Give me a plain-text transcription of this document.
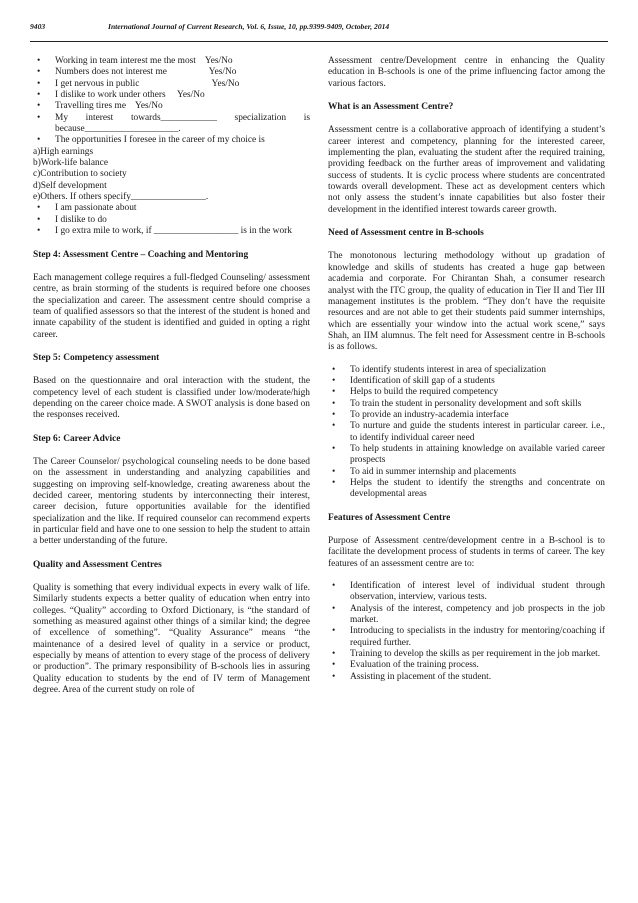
9403	International Journal of Current Research, Vol. 6, Issue, 10, pp.9399-9409, October, 2014
• Working in team interest me the most    Yes/No
• Numbers does not interest me                  Yes/No
• I get nervous in public                               Yes/No
• I dislike to work under others     Yes/No
• Travelling tires me    Yes/No
• My interest towards____________ specialization is because____________________.
• The opportunities I foresee in the career of my choice is
a)High earnings
b)Work-life balance
c)Contribution to society
d)Self development
e)Others. If others specify________________.
• I am passionate about
• I dislike to do
• I go extra mile to work, if __________________ is in the work

Step 4: Assessment Centre – Coaching and Mentoring

Each management college requires a full-fledged Counseling/ assessment centre, as brain storming of the students is required before one chooses the specialization and career. The assessment centre should comprise a team of qualified assessors so that the interest of the student is honed and innate capability of the student is identified and guided in opting a right career.

Step 5: Competency assessment

Based on the questionnaire and oral interaction with the student, the competency level of each student is classified under low/moderate/high depending on the career choice made. A SWOT analysis is done based on the responses received.

Step 6: Career Advice

The Career Counselor/ psychological counseling needs to be done based on the assessment in understanding and analyzing capabilities and suggesting on improving self-knowledge, creating awareness about the decided career, mentoring students by interconnecting their interest, career decision, future opportunities available for the identified specialization and the like. If required counselor can recommend experts in particular field and have one to one session to help the student to attain a better understanding of the future.

Quality and Assessment Centres

Quality is something that every individual expects in every walk of life. Similarly students expects a better quality of education when entry into colleges. “Quality” according to Oxford Dictionary, is “the standard of something as measured against other things of a similar kind; the degree of excellence of something”. “Quality Assurance” means “the maintenance of a desired level of quality in a service or product, especially by means of attention to every stage of the process of delivery or production”. The primary responsibility of B-schools lies in assuring Quality education to students by the end of IV term of Management degree. Area of the current study on role of

Assessment centre/Development centre in enhancing the Quality education in B-schools is one of the prime influencing factor among the various factors.

What is an Assessment Centre?

Assessment centre is a collaborative approach of identifying a student’s career interest and competency, planning for the interested career, implementing the plan, evaluating the student after the required training, providing feedback on the further areas of improvement and validating success of students. It is cyclic process where students are concentrated towards overall development. These act as development centers which not only assess the student’s innate capabilities but also foster their development in the identified interest towards career growth.

Need of Assessment centre in B-schools

The monotonous lecturing methodology without up gradation of knowledge and skills of students has created a huge gap between academia and corporate. For Chirantan Shah, a consumer research analyst with the ITC group, the quality of education in Tier II and Tier III management institutes is the problem. “They don’t have the requisite resources and are not able to get their students paid summer internships, which are essentially your window into the actual work scene,” says Shah, an IIM alumnus. The felt need for Assessment centre in B-schools is as follows.

• To identify students interest in area of specialization
• Identification of skill gap of a students
• Helps to build the required competency
• To train the student in personality development and soft skills
• To provide an industry-academia interface
• To nurture and guide the students interest in particular career. i.e., to identify individual career need
• To help students in attaining knowledge on available varied career prospects
• To aid in summer internship and placements
• Helps the student to identify the strengths and concentrate on developmental areas

Features of Assessment Centre

Purpose of Assessment centre/development centre in a B-school is to facilitate the development process of students in terms of career. The key features of an assessment centre are to:

• Identification of interest level of individual student through observation, interview, various tests.
• Analysis of the interest, competency and job prospects in the job market.
• Introducing to specialists in the industry for mentoring/coaching if required further.
• Training to develop the skills as per requirement in the job market.
• Evaluation of the training process.
• Assisting in placement of the student.
